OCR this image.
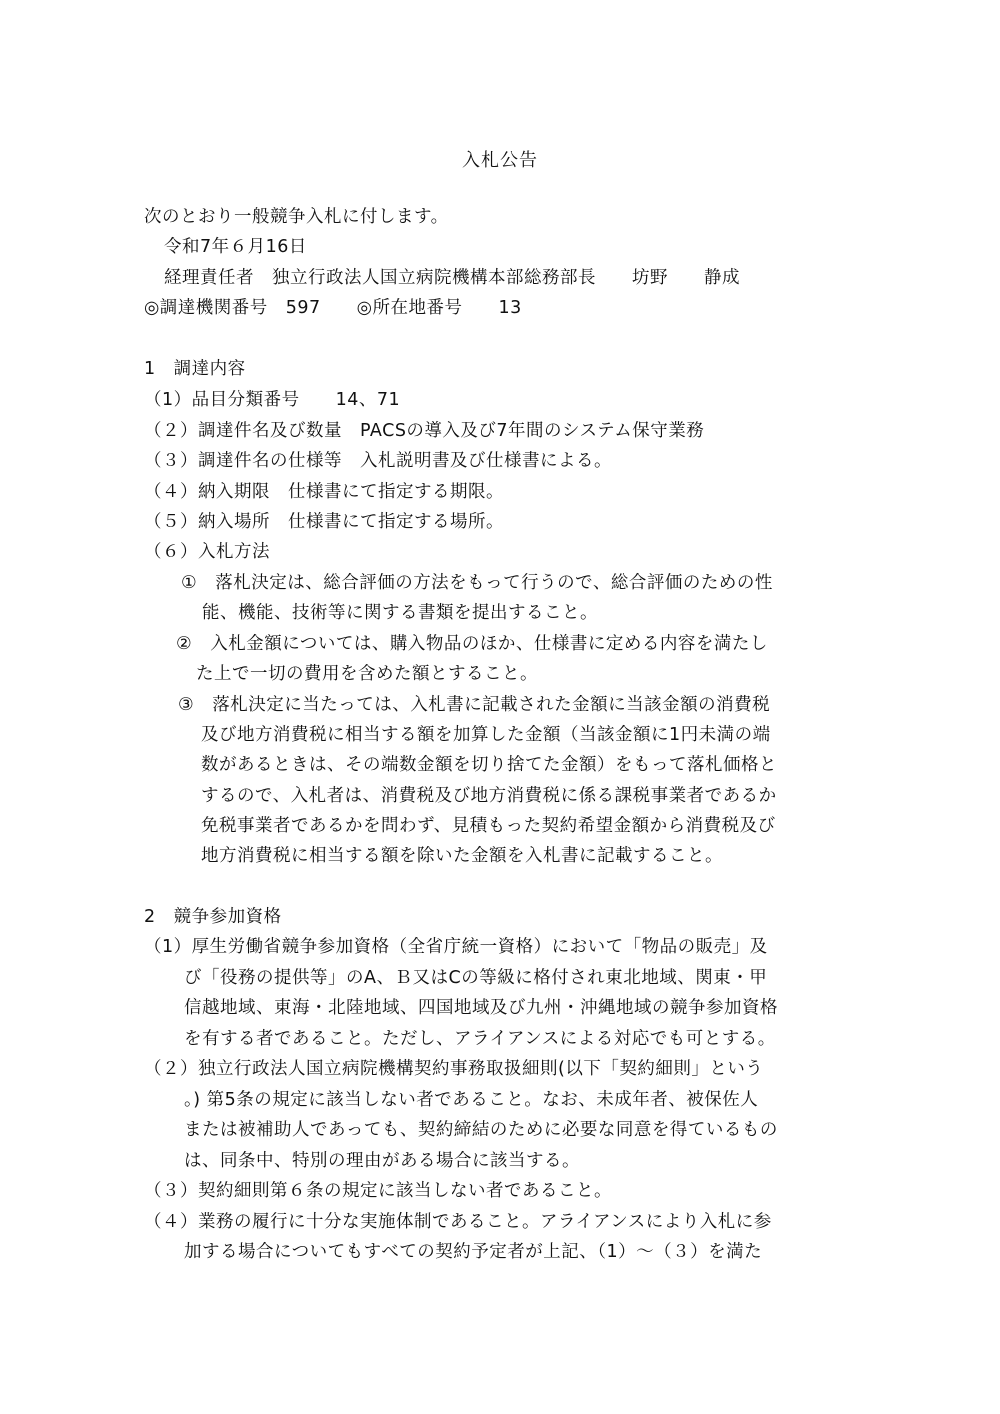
入札公告
次のとおり一般競争入札に付します。
令和7年６月16日
経理責任者　独立行政法人国立病院機構本部総務部長　　坊野　　静成
◎調達機関番号　597　　◎所在地番号　　13
1　調達内容
（1）品目分類番号　　14、71
（２）調達件名及び数量　PACSの導入及び7年間のシステム保守業務
（３）調達件名の仕様等　入札説明書及び仕様書による。
（４）納入期限　仕様書にて指定する期限。
（５）納入場所　仕様書にて指定する場所。
（６）入札方法
①　落札決定は、総合評価の方法をもって行うので、総合評価のための性
能、機能、技術等に関する書類を提出すること。
②　入札金額については、購入物品のほか、仕様書に定める内容を満たし
た上で一切の費用を含めた額とすること。
③　落札決定に当たっては、入札書に記載された金額に当該金額の消費税
及び地方消費税に相当する額を加算した金額（当該金額に1円未満の端
数があるときは、その端数金額を切り捨てた金額）をもって落札価格と
するので、入札者は、消費税及び地方消費税に係る課税事業者であるか
免税事業者であるかを問わず、見積もった契約希望金額から消費税及び
地方消費税に相当する額を除いた金額を入札書に記載すること。
2　競争参加資格
（1）厚生労働省競争参加資格（全省庁統一資格）において「物品の販売」及
び「役務の提供等」のA、Ｂ又はCの等級に格付され東北地域、関東・甲
信越地域、東海・北陸地域、四国地域及び九州・沖縄地域の競争参加資格
を有する者であること。ただし、アライアンスによる対応でも可とする。
（２）独立行政法人国立病院機構契約事務取扱細則(以下「契約細則」という
。) 第5条の規定に該当しない者であること。なお、未成年者、被保佐人
または被補助人であっても、契約締結のために必要な同意を得ているもの
は、同条中、特別の理由がある場合に該当する。
（３）契約細則第６条の規定に該当しない者であること。
（４）業務の履行に十分な実施体制であること。アライアンスにより入札に参
加する場合についてもすべての契約予定者が上記、（1）～（３）を満た
